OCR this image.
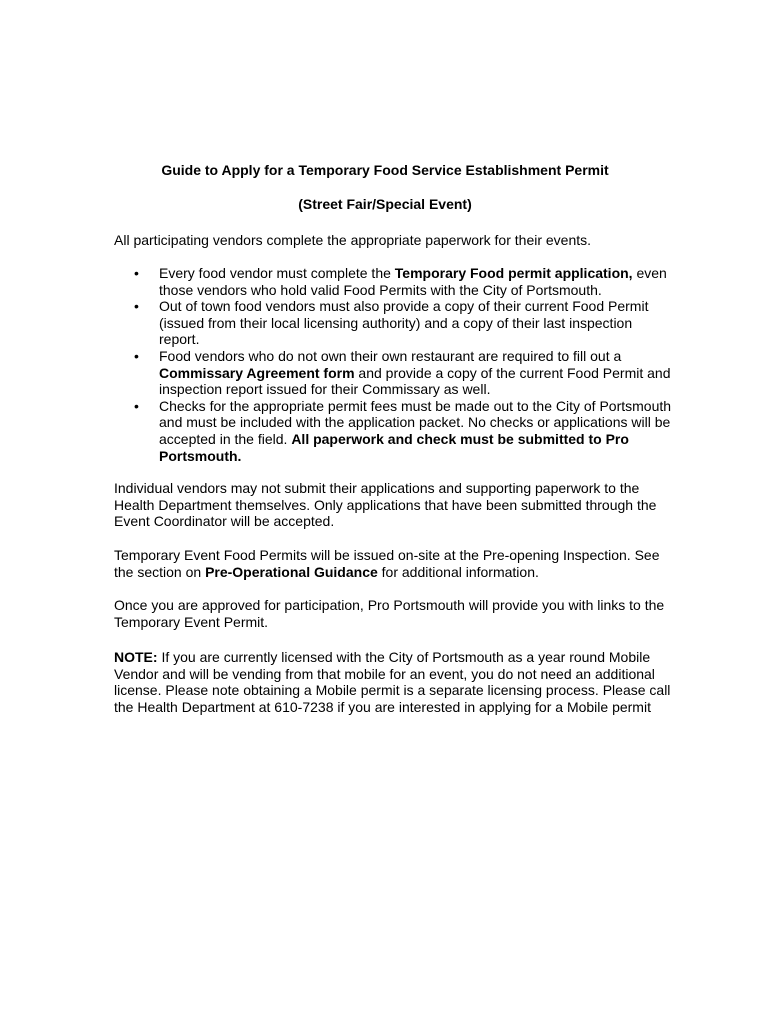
Guide to Apply for a Temporary Food Service Establishment Permit
(Street Fair/Special Event)

All participating vendors complete the appropriate paperwork for their events.

• Every food vendor must complete the Temporary Food permit application, even those vendors who hold valid Food Permits with the City of Portsmouth.
• Out of town food vendors must also provide a copy of their current Food Permit (issued from their local licensing authority) and a copy of their last inspection report.
• Food vendors who do not own their own restaurant are required to fill out a Commissary Agreement form and provide a copy of the current Food Permit and inspection report issued for their Commissary as well.
• Checks for the appropriate permit fees must be made out to the City of Portsmouth and must be included with the application packet. No checks or applications will be accepted in the field. All paperwork and check must be submitted to Pro Portsmouth.

Individual vendors may not submit their applications and supporting paperwork to the Health Department themselves. Only applications that have been submitted through the Event Coordinator will be accepted.

Temporary Event Food Permits will be issued on-site at the Pre-opening Inspection. See the section on Pre-Operational Guidance for additional information.

Once you are approved for participation, Pro Portsmouth will provide you with links to the Temporary Event Permit.

NOTE: If you are currently licensed with the City of Portsmouth as a year round Mobile Vendor and will be vending from that mobile for an event, you do not need an additional license. Please note obtaining a Mobile permit is a separate licensing process. Please call the Health Department at 610-7238 if you are interested in applying for a Mobile permit
